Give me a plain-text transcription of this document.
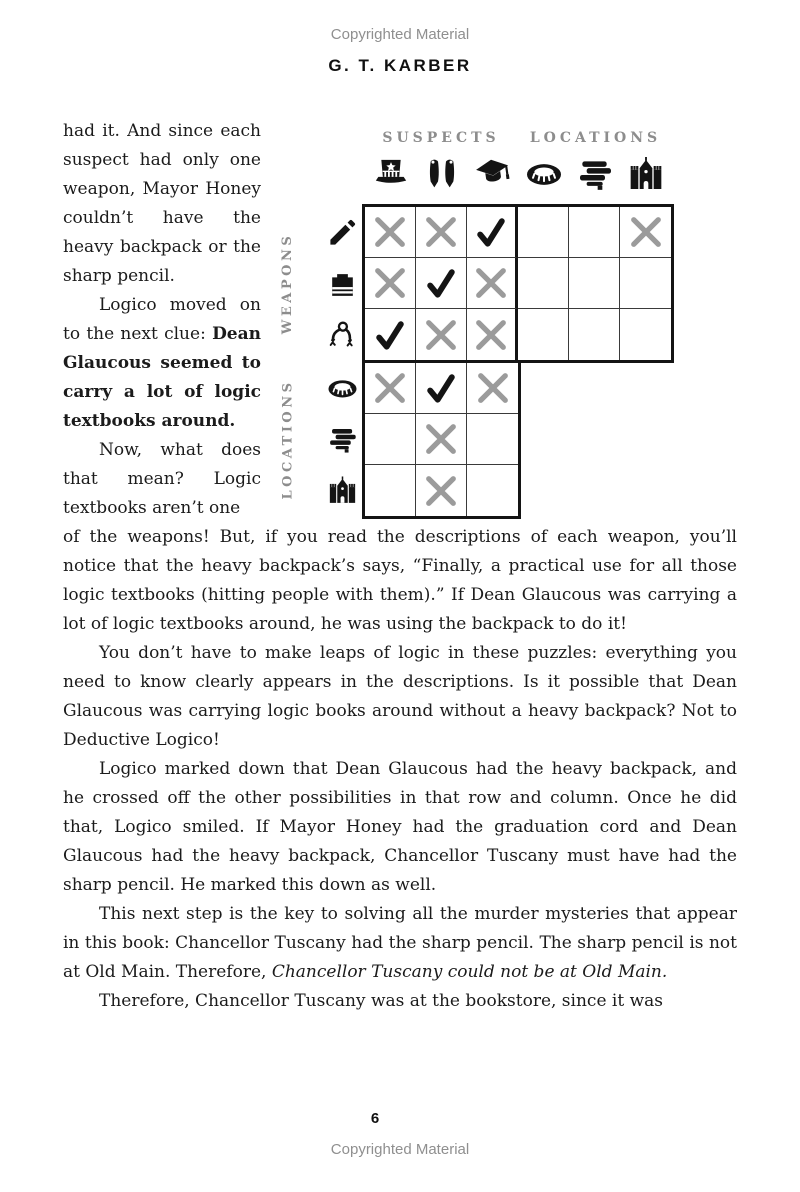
Copyrighted Material
G. T. KARBER

had it. And since each suspect had only one weapon, Mayor Honey couldn’t have the heavy backpack or the sharp pencil.

Logico moved on to the next clue: Dean Glaucous seemed to carry a lot of logic textbooks around.

Now, what does that mean? Logic textbooks aren’t one

SUSPECTS	LOCATIONS
WEAPONS
LOCATIONS

of the weapons! But, if you read the descriptions of each weapon, you’ll notice that the heavy backpack’s says, “Finally, a practical use for all those logic textbooks (hitting people with them).” If Dean Glaucous was carrying a lot of logic textbooks around, he was using the backpack to do it!

You don’t have to make leaps of logic in these puzzles: everything you need to know clearly appears in the descriptions. Is it possible that Dean Glaucous was carrying logic books around without a heavy backpack? Not to Deductive Logico!

Logico marked down that Dean Glaucous had the heavy backpack, and he crossed off the other possibilities in that row and column. Once he did that, Logico smiled. If Mayor Honey had the graduation cord and Dean Glaucous had the heavy backpack, Chancellor Tuscany must have had the sharp pencil. He marked this down as well.

This next step is the key to solving all the murder mysteries that appear in this book: Chancellor Tuscany had the sharp pencil. The sharp pencil is not at Old Main. Therefore, Chancellor Tuscany could not be at Old Main.

Therefore, Chancellor Tuscany was at the bookstore, since it was

6
Copyrighted Material
